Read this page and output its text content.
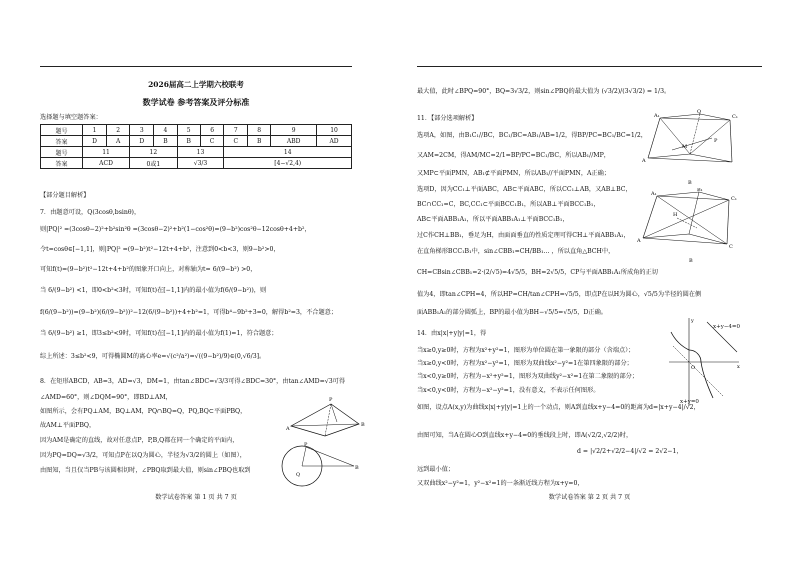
2026届高二上学期六校联考
数学试卷 参考答案及评分标准
选择题与填空题答案：
题号	1	2	3	4	5	6	7	8	9	10
答案	D	A	D	B	B	C	C	B	ABD	AD
题号	11		12		13		14			
答案	ACD		0或1		√3/3		[4−√2,4)			
【部分题目解析】
7．由题意可设，Q(3cosθ,bsinθ)，
则|PQ|² =(3cosθ−2)²+b²sin²θ =(3cosθ−2)²+b²(1−cos²θ)=(9−b²)cos²θ−12cosθ+4+b²，
令t=cosθ∈[−1,1]，则|PQ|² =(9−b²)t²−12t+4+b²，注意到0<b<3，则9−b²>0，
可知f(t)=(9−b²)t²−12t+4+b²的图象开口向上，对称轴为t= 6/(9−b²) >0，
当 6/(9−b²) <1，即0<b²<3时，可知f(t)在[−1,1]内的最小值为f(6/(9−b²))，则
f(6/(9−b²))=(9−b²)(6/(9−b²))²−12(6/(9−b²))+4+b²=1，可得b⁴−9b²+3=0，解得b²=3，不合题意；
当 6/(9−b²) ≥1，即3≤b²<9时，可知f(t)在[−1,1]内的最小值为f(1)=1，符合题意；
综上所述：3≤b²<9，可得椭圆M的离心率e=√(c²/a²)=√((9−b²)/9)∈(0,√6/3]。
8．在矩形ABCD，AB=3，AD=√3，DM=1，由tan∠BDC=√3/3可得∠BDC=30°，由tan∠AMD=√3可得
∠AMD=60°，则∠DQM=90°，即BD⊥AM，
如图所示，会有PQ⊥AM，BQ⊥AM，PQ∩BQ=Q，PQ,BQ⊂平面PBQ，
故AM⊥平面PBQ，
因为AM是确定的直线，故对任意点P，P,B,Q都在同一个确定的平面内，
因为PQ=DQ=√3/2，可知点P在以Q为圆心，半径为√3/2的圆上（如图），
由图知，当且仅当PB与该圆相切时，∠PBQ取到最大值，则sin∠PBQ也取到
A
P
B
P
Q
B
数学试卷答案 第 1 页 共 7 页
最大值，此时∠BPQ=90°，BQ=3√3/2，则sin∠PBQ的最大值为 (√3/2)/(3√3/2) = 1/3。
11．【部分选项解析】
选项A，如图，由B₁C₁//BC，BC₁/BC=AB₁/AB=1/2，得BP/PC=BC₁/BC=1/2，
又AM=2CM，得AM/MC=2/1=BP/PC=BC₁/BC，所以AB₁//MP，
又MP⊂平面PMN，AB₁⊄平面PMN，所以AB₁//平面PMN，A正确；
选项D，因为CC₁⊥平面ABC，AB⊂平面ABC，所以CC₁⊥AB，又AB⊥BC，
BC∩CC₁=C，BC,CC₁⊂平面BCC₁B₁，所以AB⊥平面BCC₁B₁，
AB⊂平面ABB₁A₁，所以平面ABB₁A₁⊥平面BCC₁B₁，
过C作CH⊥BB₁，垂足为H，由面面垂直的性质定理可得CH⊥平面ABB₁A₁，
在直角梯形BCC₁B₁中，sin∠CBB₁=CH/BB₁... ，所以直角△BCH中，
CH=CBsin∠CBB₁=2·(2/√5)=4√5/5，BH=2√5/5，CP与平面ABB₁A₁所成角的正切
值为4，即tan∠CPH=4，所以HP=CH/tan∠CPH=√5/5，即点P在以H为圆心，√5/5为半径的圆在侧
面ABB₁A₁的部分圆弧上，BP的最小值为BH−√5/5=√5/5，D正确。
14．由x|x|+y|y|=1，得
当x≥0,y≥0时，方程为x²+y²=1，图形为单位圆在第一象限的部分（含端点）；
当x≥0,y<0时，方程为x²−y²=1，图形为双曲线x²−y²=1在第四象限的部分；
当x<0,y≥0时，方程为−x²+y²=1，图形为双曲线y²−x²=1在第二象限的部分；
当x<0,y<0时，方程为−x²−y²=1，没有意义，不表示任何图形。
如图，设点A(x,y)为曲线x|x|+y|y|=1上的一个动点，则A到直线x+y−4=0的距离为d=|x+y−4|/√2，
由图可知，当A在圆心O到直线x+y−4=0的垂线段上时，即A(√2/2,√2/2)时，
d = |√2/2+√2/2−4|/√2 = 2√2−1，
远到最小值；
又双曲线x²−y²=1，y²−x²=1的一条渐近线方程为x+y=0，
A₁
Q
C₁
A
B
P
M
A₁
B₁
C₁
A
B
C
H
O	x
y
x+y−4=0
x+y=0
数学试卷答案 第 2 页 共 7 页
